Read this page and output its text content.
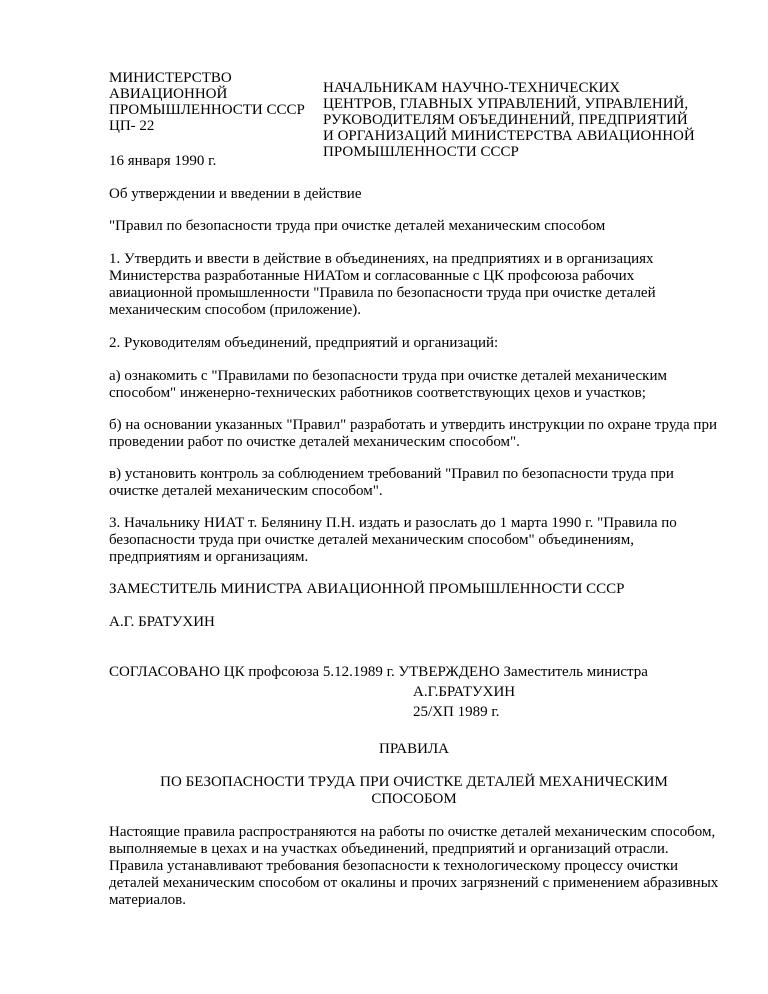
МИНИСТЕРСТВО
АВИАЦИОННОЙ
ПРОМЫШЛЕННОСТИ СССР
ЦП- 22
16 января 1990 г.
НАЧАЛЬНИКАМ НАУЧНО-ТЕХНИЧЕСКИХ
ЦЕНТРОВ, ГЛАВНЫХ УПРАВЛЕНИЙ, УПРАВЛЕНИЙ,
РУКОВОДИТЕЛЯМ ОБЪЕДИНЕНИЙ, ПРЕДПРИЯТИЙ
И ОРГАНИЗАЦИЙ МИНИСТЕРСТВА АВИАЦИОННОЙ
ПРОМЫШЛЕННОСТИ СССР

Об утверждении и введении в действие

"Правил по безопасности труда при очистке деталей механическим способом

1. Утвердить и ввести в действие в объединениях, на предприятиях и в организациях Министерства разработанные НИАТом и согласованные с ЦК профсоюза рабочих авиационной промышленности "Правила по безопасности труда при очистке деталей механическим способом (приложение).

2. Руководителям объединений, предприятий и организаций:

а) ознакомить с "Правилами по безопасности труда при очистке деталей механическим способом" инженерно-технических работников соответствующих цехов и участков;

б) на основании указанных "Правил" разработать и утвердить инструкции по охране труда при проведении работ по очистке деталей механическим способом".

в) установить контроль за соблюдением требований "Правил по безопасности труда при очистке деталей механическим способом".

3. Начальнику НИАТ т. Белянину П.Н. издать и разослать до 1 марта 1990 г. "Правила по безопасности труда при очистке деталей механическим способом" объединениям, предприятиям и организациям.

ЗАМЕСТИТЕЛЬ МИНИСТРА АВИАЦИОННОЙ ПРОМЫШЛЕННОСТИ СССР

А.Г. БРАТУХИН

СОГЛАСОВАНО ЦК профсоюза 5.12.1989 г. УТВЕРЖДЕНО Заместитель министра
А.Г.БРАТУХИН
25/ХП 1989 г.

ПРАВИЛА

ПО БЕЗОПАСНОСТИ ТРУДА ПРИ ОЧИСТКЕ ДЕТАЛЕЙ МЕХАНИЧЕСКИМ СПОСОБОМ

Настоящие правила распространяются на работы по очистке деталей механическим способом, выполняемые в цехах и на участках объединений, предприятий и организаций отрасли. Правила устанавливают требования безопасности к технологическому процессу очистки деталей механическим способом от окалины и прочих загрязнений с применением абразивных материалов.
